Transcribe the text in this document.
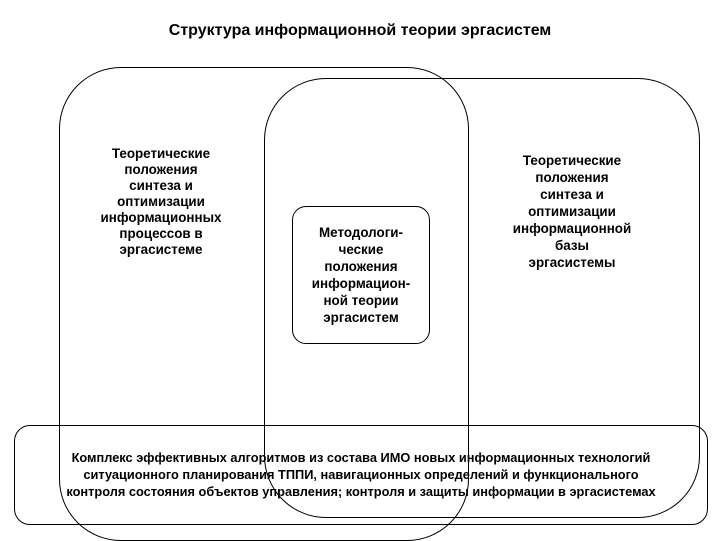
Структура информационной теории эргасистем
Теоретические
положения
синтеза и
оптимизации
информационных
процессов в
эргасистеме
Методологи-
ческие
положения
информацион-
ной теории
эргасистем
Теоретические
положения
синтеза и
оптимизации
информационной
базы
эргасистемы
Комплекс эффективных алгоритмов из состава ИМО новых информационных технологий
ситуационного планирования ТППИ, навигационных определений и функционального
контроля состояния объектов управления; контроля и защиты информации в эргасистемах
